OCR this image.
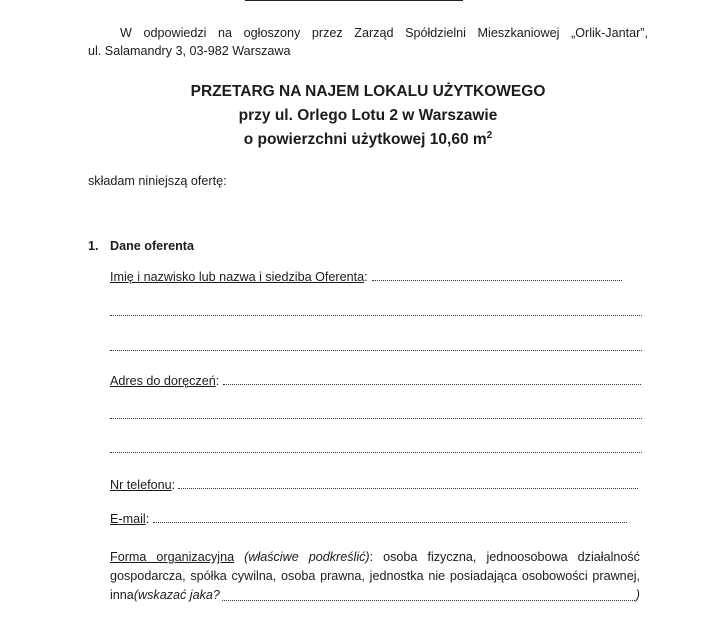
W odpowiedzi na ogłoszony przez Zarząd Spółdzielni Mieszkaniowej „Orlik-Jantar”,
ul. Salamandry 3, 03-982 Warszawa
PRZETARG NA NAJEM LOKALU UŻYTKOWEGO
przy ul. Orlego Lotu 2 w Warszawie
o powierzchni użytkowej 10,60 $m^2$
składam niniejszą ofertę:
1. Dane oferenta
Imię i nazwisko lub nazwa i siedziba Oferenta :
Adres do doręczeń :
Nr telefonu :
E-mail :
Forma organizacyjna (właściwe podkreślić): osoba fizyczna, jednoosobowa działalność
gospodarcza, spółka cywilna, osoba prawna, jednostka nie posiadająca osobowości prawnej,
inna (wskazać jaka?	)
